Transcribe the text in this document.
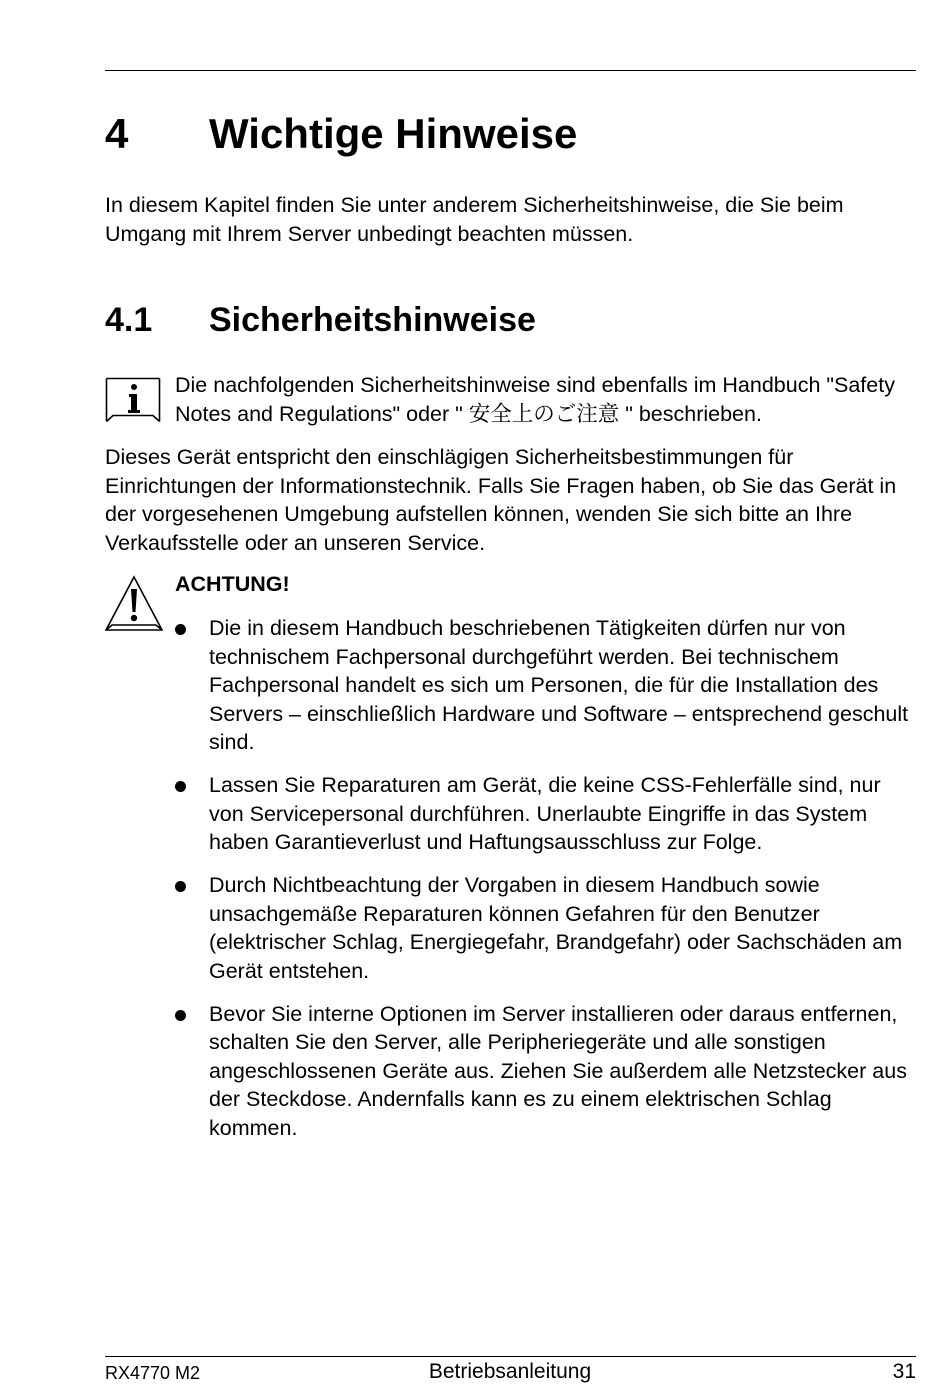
4 Wichtige Hinweise

In diesem Kapitel finden Sie unter anderem Sicherheitshinweise, die Sie beim Umgang mit Ihrem Server unbedingt beachten müssen.

4.1 Sicherheitshinweise

Die nachfolgenden Sicherheitshinweise sind ebenfalls im Handbuch "Safety Notes and Regulations" oder " 安全上のご注意 " beschrieben.

Dieses Gerät entspricht den einschlägigen Sicherheitsbestimmungen für Einrichtungen der Informationstechnik. Falls Sie Fragen haben, ob Sie das Gerät in der vorgesehenen Umgebung aufstellen können, wenden Sie sich bitte an Ihre Verkaufsstelle oder an unseren Service.

ACHTUNG!

Die in diesem Handbuch beschriebenen Tätigkeiten dürfen nur von technischem Fachpersonal durchgeführt werden. Bei technischem Fachpersonal handelt es sich um Personen, die für die Installation des Servers – einschließlich Hardware und Software – entsprechend geschult sind.
Lassen Sie Reparaturen am Gerät, die keine CSS-Fehlerfälle sind, nur von Servicepersonal durchführen. Unerlaubte Eingriffe in das System haben Garantieverlust und Haftungsausschluss zur Folge.
Durch Nichtbeachtung der Vorgaben in diesem Handbuch sowie unsachgemäße Reparaturen können Gefahren für den Benutzer (elektrischer Schlag, Energiegefahr, Brandgefahr) oder Sachschäden am Gerät entstehen.
Bevor Sie interne Optionen im Server installieren oder daraus entfernen, schalten Sie den Server, alle Peripheriegeräte und alle sonstigen angeschlossenen Geräte aus. Ziehen Sie außerdem alle Netzstecker aus der Steckdose. Andernfalls kann es zu einem elektrischen Schlag kommen.
RX4770 M2	Betriebsanleitung	31
